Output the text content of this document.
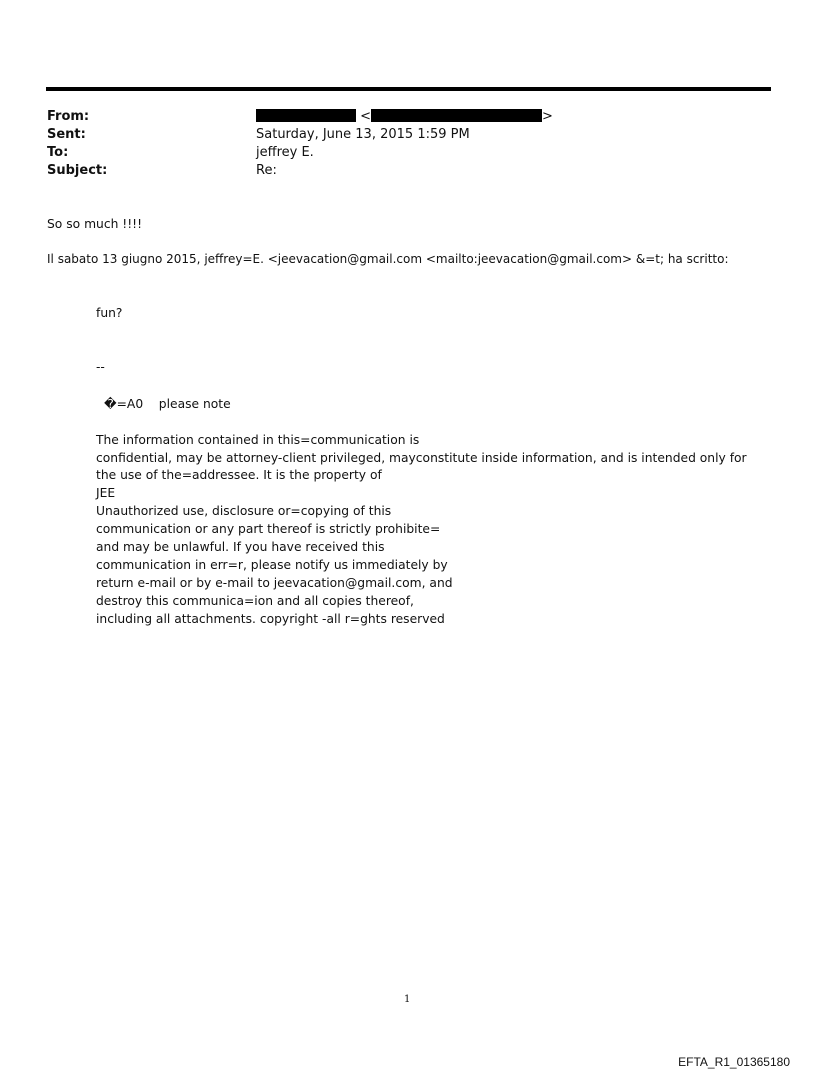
From:	<	>
Sent:	Saturday, June 13, 2015 1:59 PM
To:	jeffrey E.
Subject:	Re:
So so much !!!!
Il sabato 13 giugno 2015, jeffrey=E. <jeevacation@gmail.com <mailto:jeevacation@gmail.com> &=t; ha scritto:
fun?
--
�=A0    please note
The information contained in this=communication is
confidential, may be attorney-client privileged, mayconstitute inside information, and is intended only for
the use of the=addressee. It is the property of
JEE
Unauthorized use, disclosure or=copying of this
communication or any part thereof is strictly prohibite=
and may be unlawful. If you have received this
communication in err=r, please notify us immediately by
return e-mail or by e-mail to jeevacation@gmail.com, and
destroy this communica=ion and all copies thereof,
including all attachments. copyright -all r=ghts reserved
1
EFTA_R1_01365180
